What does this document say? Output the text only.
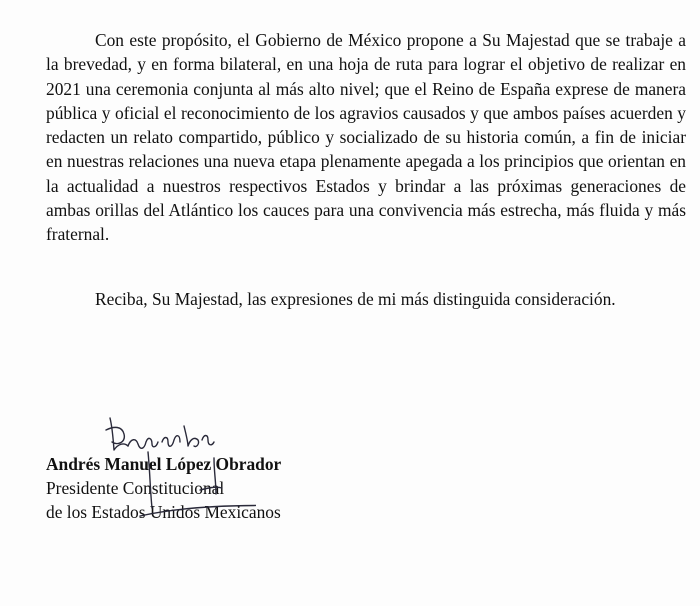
Con este propósito, el Gobierno de México propone a Su Majestad que se trabaje a la brevedad, y en forma bilateral, en una hoja de ruta para lograr el objetivo de realizar en 2021 una ceremonia conjunta al más alto nivel; que el Reino de España exprese de manera pública y oficial el reconocimiento de los agravios causados y que ambos países acuerden y redacten un relato compartido, público y socializado de su historia común, a fin de iniciar en nuestras relaciones una nueva etapa plenamente apegada a los principios que orientan en la actualidad a nuestros respectivos Estados y brindar a las próximas generaciones de ambas orillas del Atlántico los cauces para una convivencia más estrecha, más fluida y más fraternal.

Reciba, Su Majestad, las expresiones de mi más distinguida consideración.

Andrés Manuel López Obrador
Presidente Constitucional
de los Estados Unidos Mexicanos
